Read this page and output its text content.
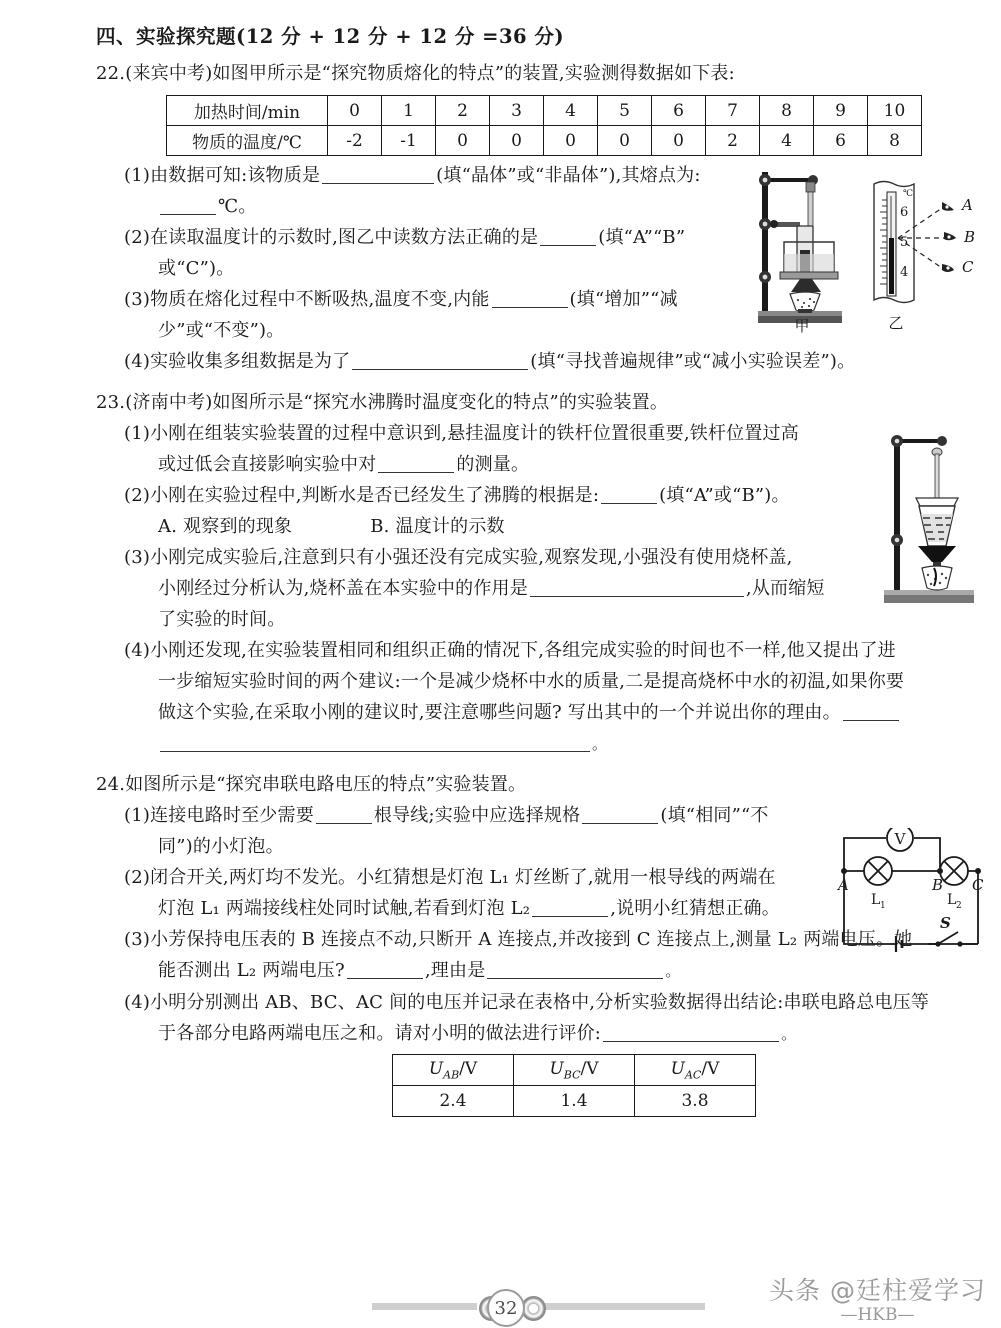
四、实验探究题(12 分 + 12 分 + 12 分 =36 分)
22.(来宾中考)如图甲所示是“探究物质熔化的特点”的装置,实验测得数据如下表:
加热时间/min	0	1	2	3	4	5	6	7	8	9	10
物质的温度/℃	-2	-1	0	0	0	0	0	2	4	6	8
(1)由数据可知:该物质是	(填“晶体”或“非晶体”),其熔点为:
℃。
(2)在读取温度计的示数时,图乙中读数方法正确的是	(填“A”“B”
或“C”)。
(3)物质在熔化过程中不断吸热,温度不变,内能	(填“增加”“减
少”或“不变”)。
(4)实验收集多组数据是为了	(填“寻找普遍规律”或“减小实验误差”)。
23.(济南中考)如图所示是“探究水沸腾时温度变化的特点”的实验装置。
(1)小刚在组装实验装置的过程中意识到,悬挂温度计的铁杆位置很重要,铁杆位置过高
或过低会直接影响实验中对	的测量。
(2)小刚在实验过程中,判断水是否已经发生了沸腾的根据是:	(填“A”或“B”)。
A. 观察到的现象	B. 温度计的示数
(3)小刚完成实验后,注意到只有小强还没有完成实验,观察发现,小强没有使用烧杯盖,
小刚经过分析认为,烧杯盖在本实验中的作用是	,从而缩短
了实验的时间。
(4)小刚还发现,在实验装置相同和组织正确的情况下,各组完成实验的时间也不一样,他又提出了进
一步缩短实验时间的两个建议:一个是减少烧杯中水的质量,二是提高烧杯中水的初温,如果你要
做这个实验,在采取小刚的建议时,要注意哪些问题? 写出其中的一个并说出你的理由。
。
24.如图所示是“探究串联电路电压的特点”实验装置。
(1)连接电路时至少需要	根导线;实验中应选择规格	(填“相同”“不
同”)的小灯泡。
(2)闭合开关,两灯均不发光。小红猜想是灯泡 L₁ 灯丝断了,就用一根导线的两端在
灯泡 L₁ 两端接线柱处同时试触,若看到灯泡 L₂	,说明小红猜想正确。
(3)小芳保持电压表的 B 连接点不动,只断开 A 连接点,并改接到 C 连接点上,测量 L₂ 两端电压。她
能否测出 L₂ 两端电压?	,理由是	。
(4)小明分别测出 AB、BC、AC 间的电压并记录在表格中,分析实验数据得出结论:串联电路总电压等
于各部分电路两端电压之和。请对小明的做法进行评价:	。
$U_{AB}/V$	$U_{BC}/V$	$U_{AC}/V$
2.4	1.4	3.8
甲
℃
6
5
4
A
B
C
乙
V
A	B C
L 1	L 2
S
32
头条 @廷柱爱学习
—HKB—
